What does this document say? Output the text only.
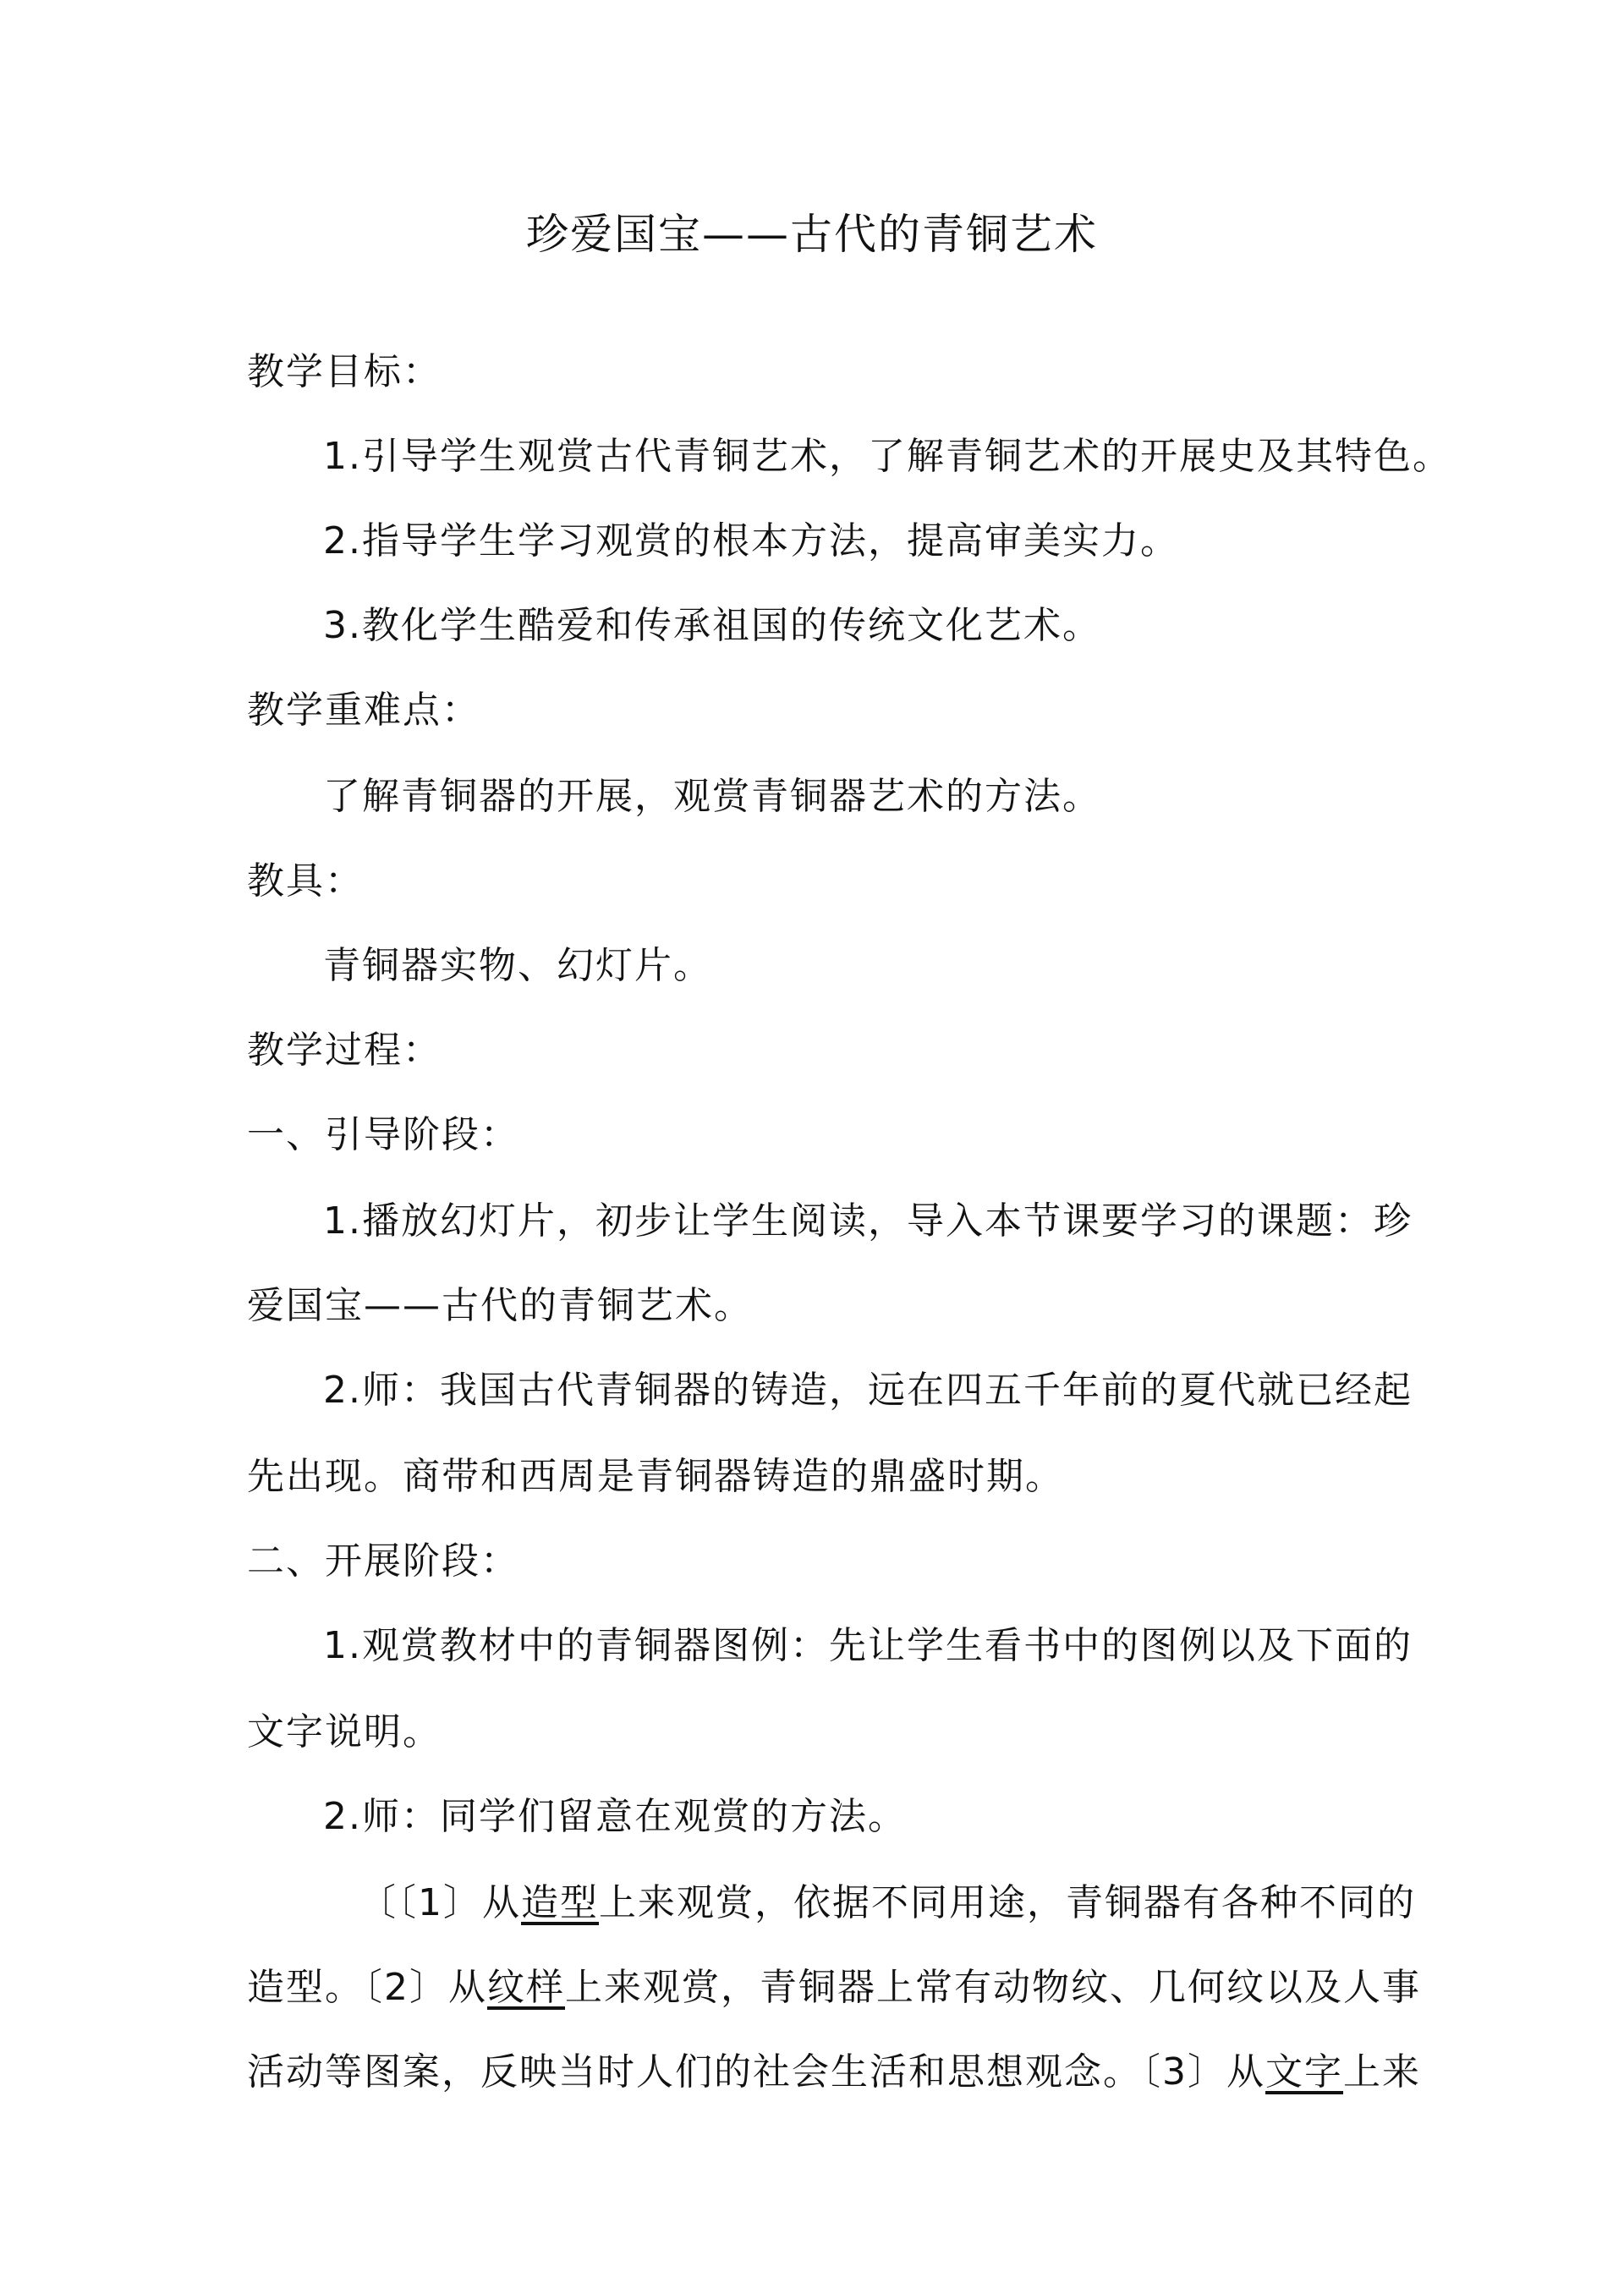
珍爱国宝——古代的青铜艺术
教学目标：
1.引导学生观赏古代青铜艺术，了解青铜艺术的开展史及其特色。
2.指导学生学习观赏的根本方法，提高审美实力。
3.教化学生酷爱和传承祖国的传统文化艺术。
教学重难点：
了解青铜器的开展，观赏青铜器艺术的方法。
教具：
青铜器实物、幻灯片。
教学过程：
一、引导阶段：
1.播放幻灯片，初步让学生阅读，导入本节课要学习的课题：珍
爱国宝——古代的青铜艺术。
2.师：我国古代青铜器的铸造，远在四五千年前的夏代就已经起
先出现。商带和西周是青铜器铸造的鼎盛时期。
二、开展阶段：
1.观赏教材中的青铜器图例：先让学生看书中的图例以及下面的
文字说明。
2.师：同学们留意在观赏的方法。
〔〔1〕从造型上来观赏，依据不同用途，青铜器有各种不同的
造型。〔2〕从纹样上来观赏，青铜器上常有动物纹、几何纹以及人事
活动等图案，反映当时人们的社会生活和思想观念。〔3〕从文字上来
